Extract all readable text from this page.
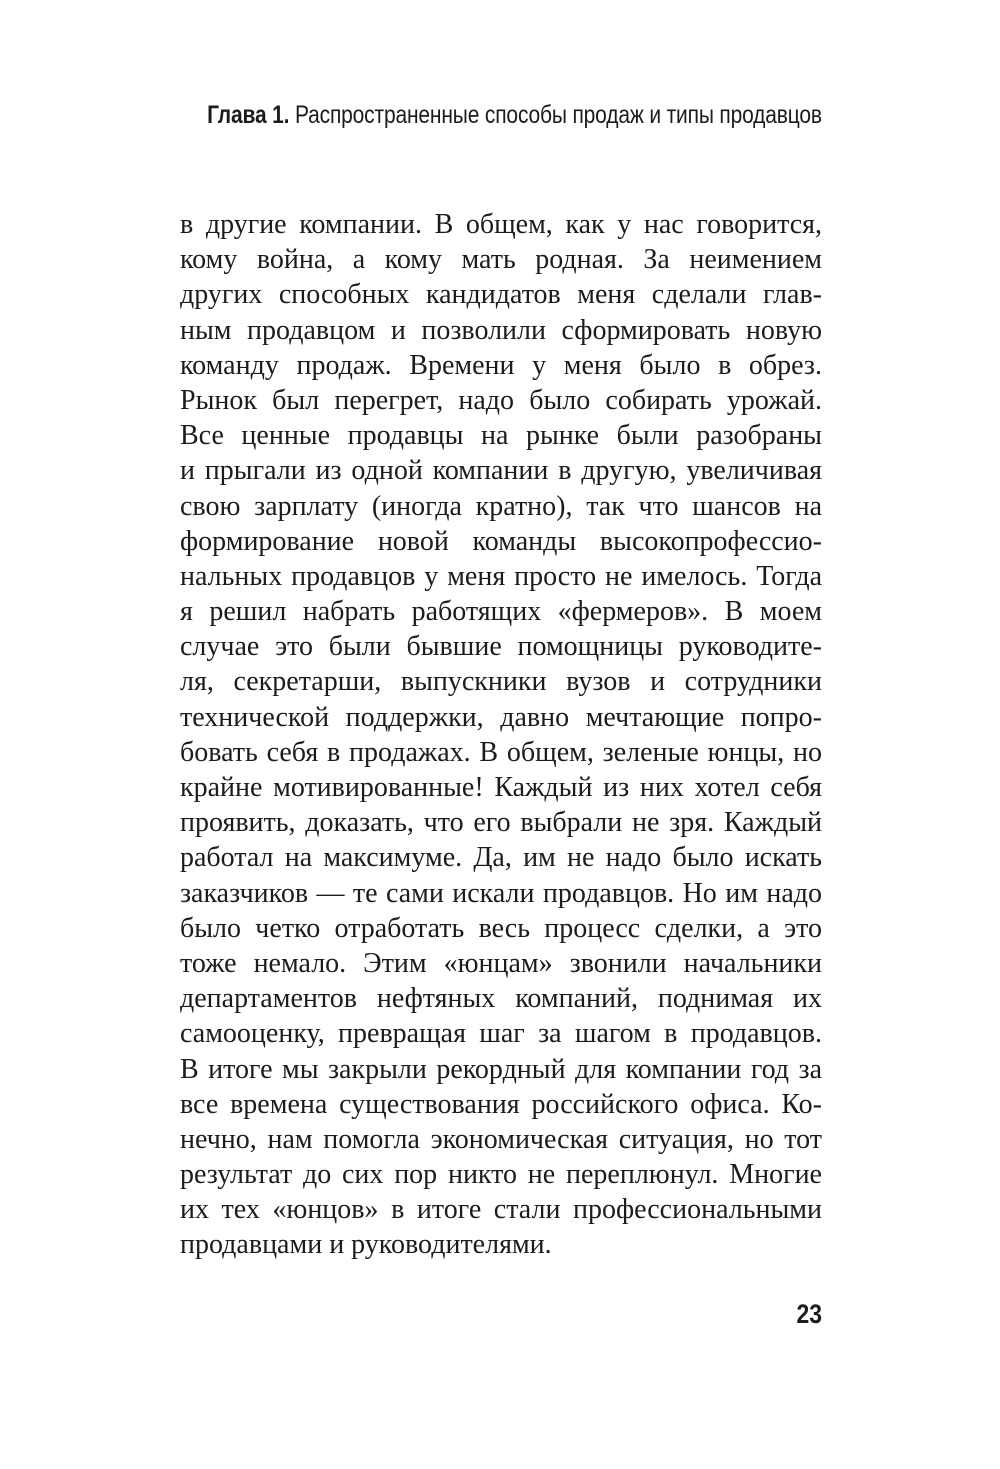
Глава 1. Распространенные способы продаж и типы продавцов
в другие компании. В общем, как у нас говорится,
кому война, а кому мать родная. За неимением
других способных кандидатов меня сделали глав-
ным продавцом и позволили сформировать новую
команду продаж. Времени у меня было в обрез.
Рынок был перегрет, надо было собирать урожай.
Все ценные продавцы на рынке были разобраны
и прыгали из одной компании в другую, увеличивая
свою зарплату (иногда кратно), так что шансов на
формирование новой команды высокопрофессио-
нальных продавцов у меня просто не имелось. Тогда
я решил набрать работящих «фермеров». В моем
случае это были бывшие помощницы руководите-
ля, секретарши, выпускники вузов и сотрудники
технической поддержки, давно мечтающие попро-
бовать себя в продажах. В общем, зеленые юнцы, но
крайне мотивированные! Каждый из них хотел себя
проявить, доказать, что его выбрали не зря. Каждый
работал на максимуме. Да, им не надо было искать
заказчиков — те сами искали продавцов. Но им надо
было четко отработать весь процесс сделки, а это
тоже немало. Этим «юнцам» звонили начальники
департаментов нефтяных компаний, поднимая их
самооценку, превращая шаг за шагом в продавцов.
В итоге мы закрыли рекордный для компании год за
все времена существования российского офиса. Ко-
нечно, нам помогла экономическая ситуация, но тот
результат до сих пор никто не переплюнул. Многие
их тех «юнцов» в итоге стали профессиональными
продавцами и руководителями.
23
